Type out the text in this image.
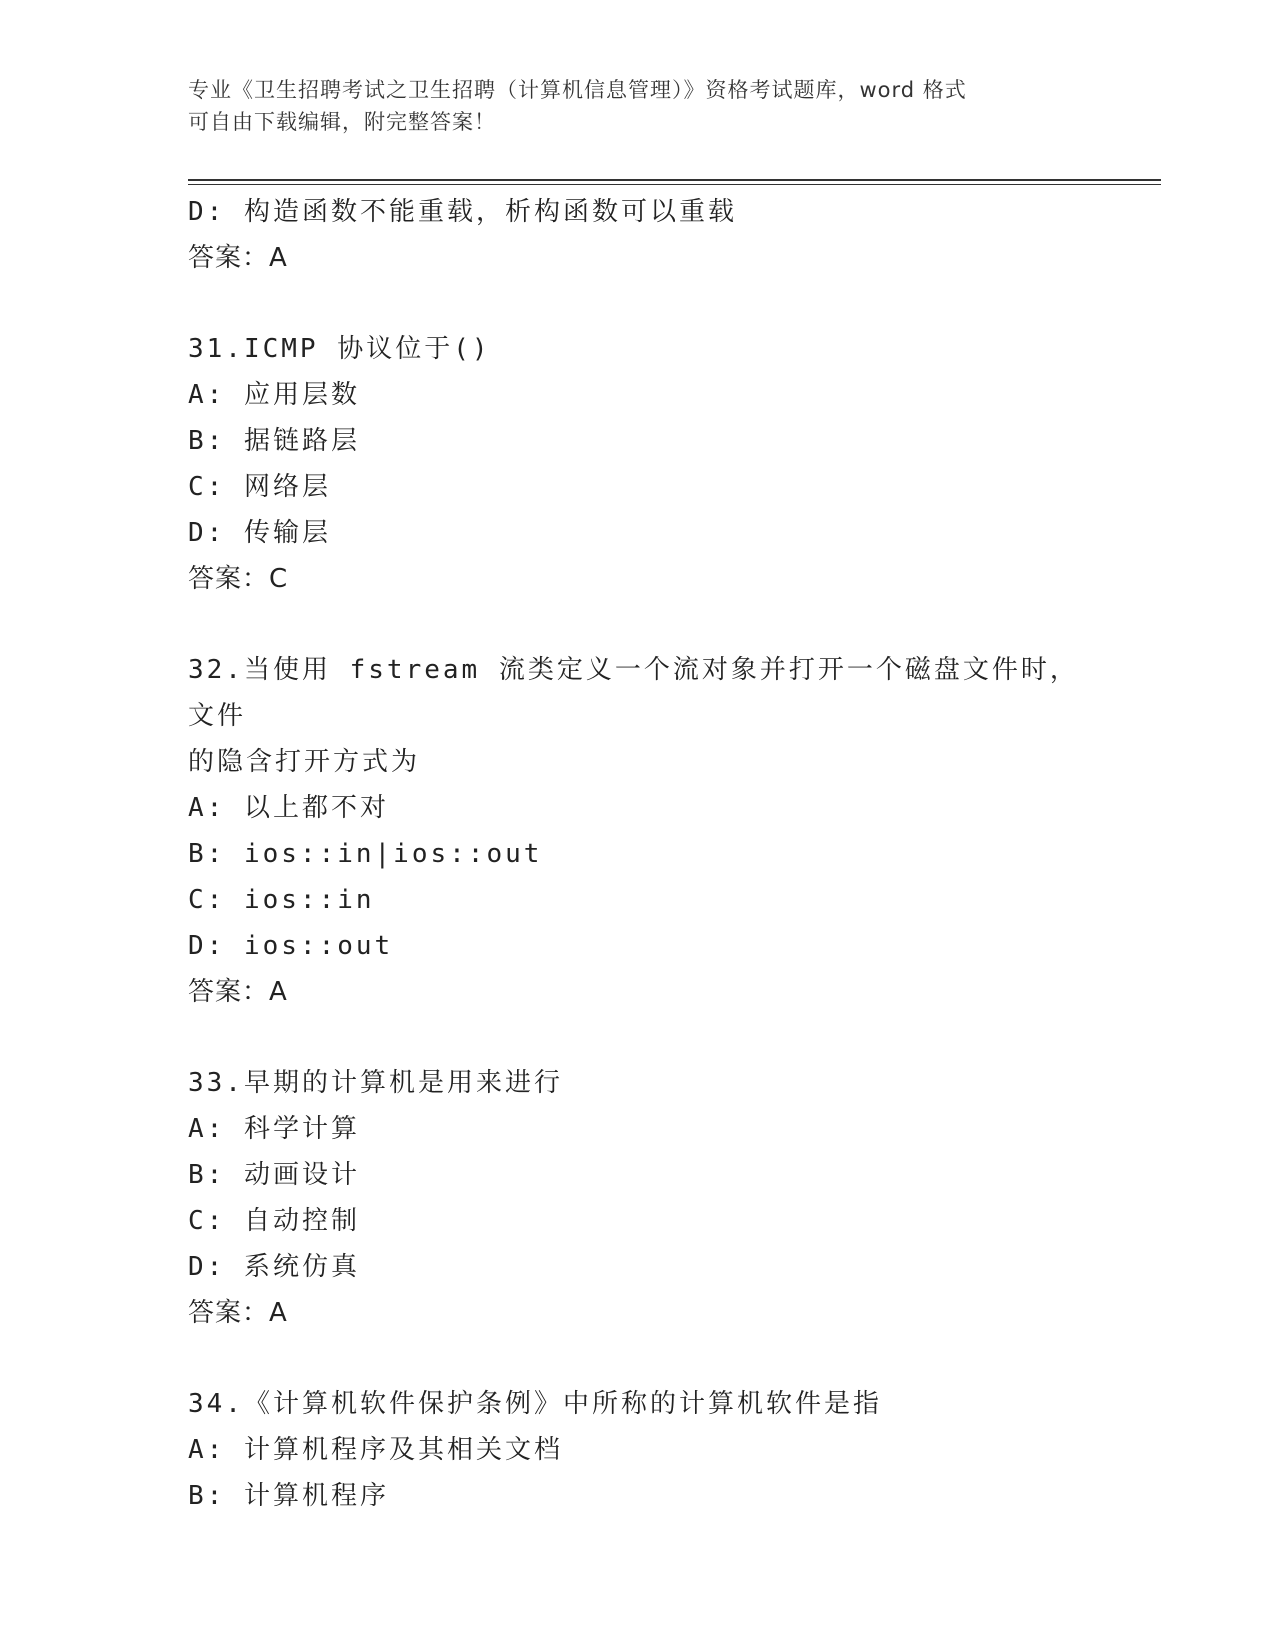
专业《卫生招聘考试之卫生招聘（计算机信息管理）》资格考试题库，word 格式
可自由下载编辑，附完整答案！
D: 构造函数不能重载，析构函数可以重载
答案：A
31.ICMP 协议位于()
A: 应用层数
B: 据链路层
C: 网络层
D: 传输层
答案：C
32.当使用 fstream 流类定义一个流对象并打开一个磁盘文件时，文件
的隐含打开方式为
A: 以上都不对
B: ios::in|ios::out
C: ios::in
D: ios::out
答案：A
33.早期的计算机是用来进行
A: 科学计算
B: 动画设计
C: 自动控制
D: 系统仿真
答案：A
34.《计算机软件保护条例》中所称的计算机软件是指
A: 计算机程序及其相关文档
B: 计算机程序
